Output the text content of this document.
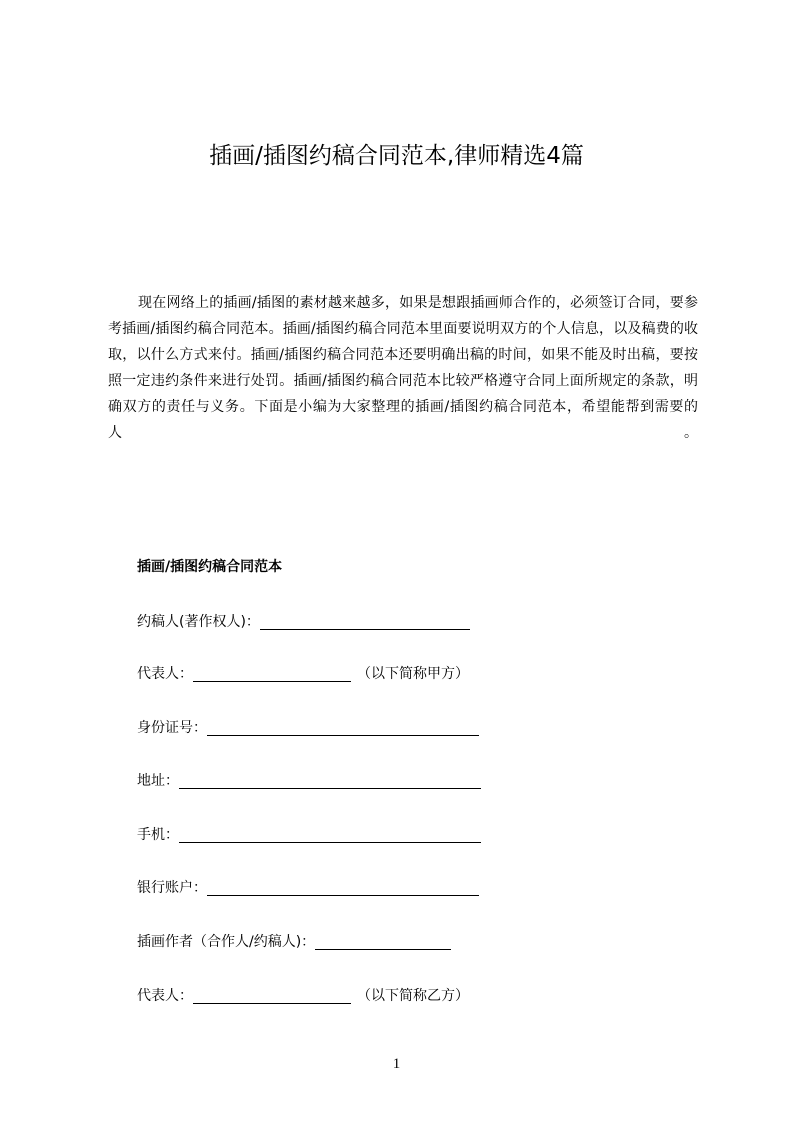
插画/插图约稿合同范本,律师精选4篇

现在网络上的插画/插图的素材越来越多，如果是想跟插画师合作的，必须签订合同，要参考插画/插图约稿合同范本。插画/插图约稿合同范本里面要说明双方的个人信息，以及稿费的收取，以什么方式来付。插画/插图约稿合同范本还要明确出稿的时间，如果不能及时出稿，要按照一定违约条件来进行处罚。插画/插图约稿合同范本比较严格遵守合同上面所规定的条款，明确双方的责任与义务。下面是小编为大家整理的插画/插图约稿合同范本，希望能帮到需要的人。

插画/插图约稿合同范本
约稿人(著作权人)：
代表人：	（以下简称甲方）
身份证号：
地址：
手机：
银行账户：
插画作者（合作人/约稿人)：
代表人：	（以下简称乙方）
1
